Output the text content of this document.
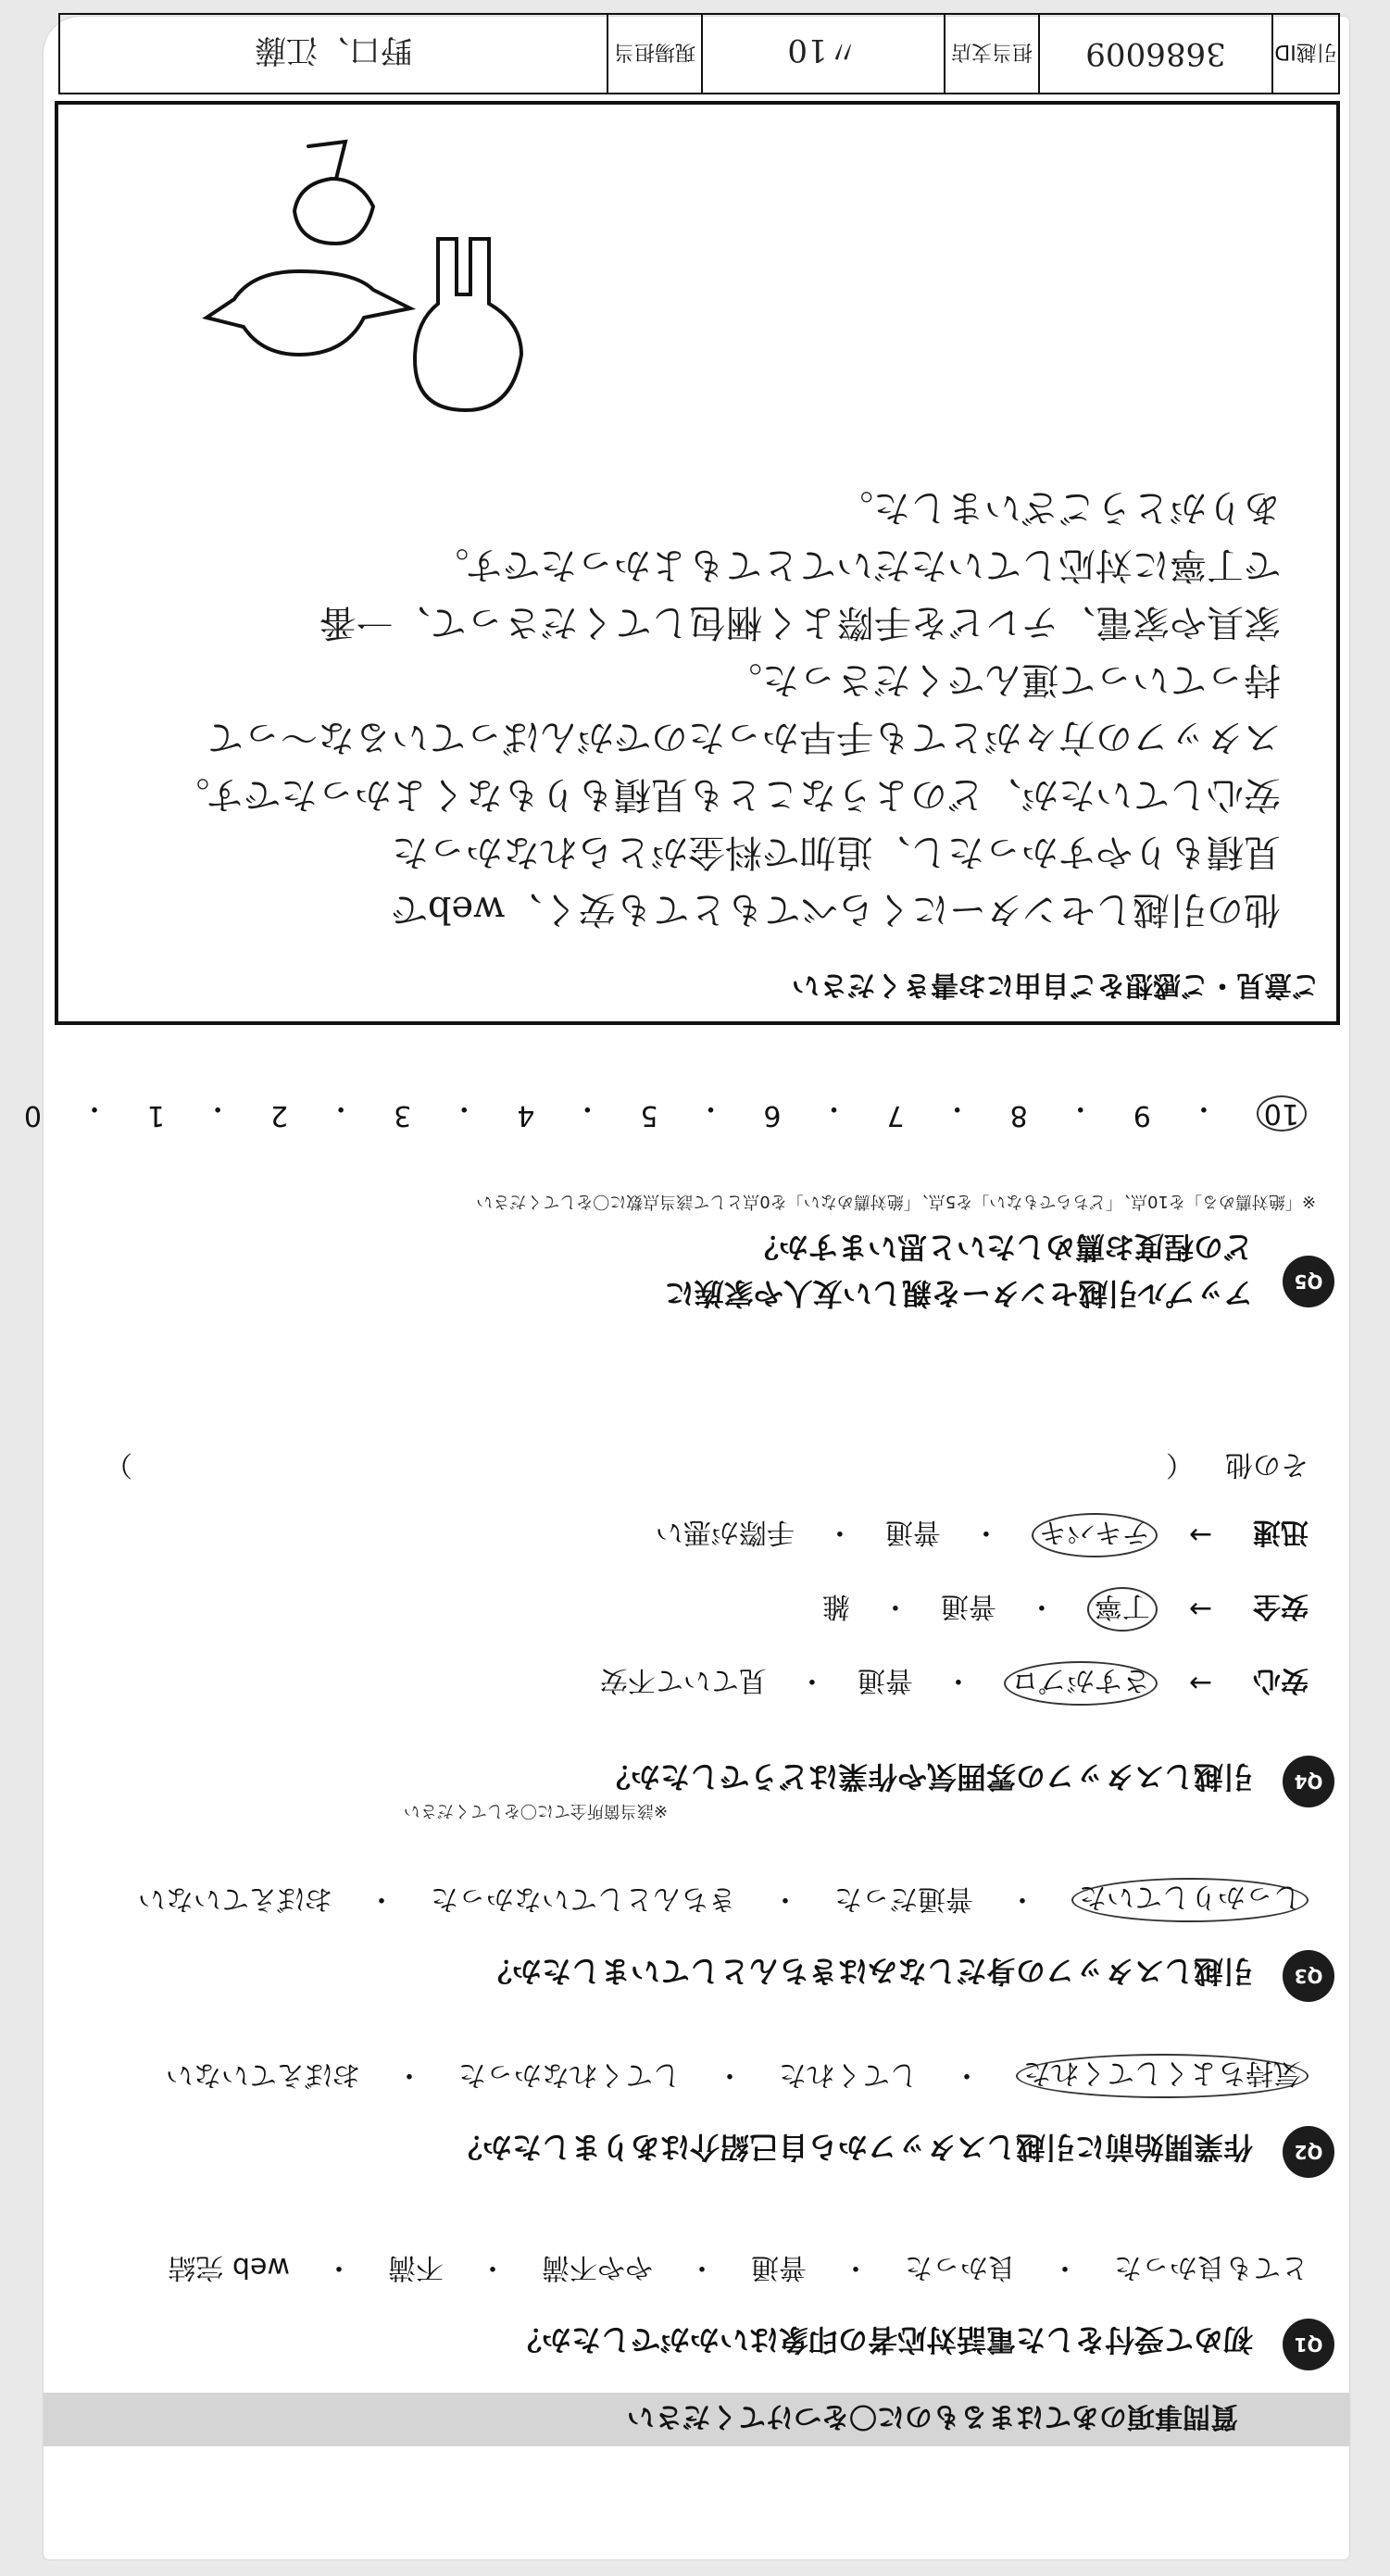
質問事項のあてはまるものに〇をつけてください
Q1
初めて受付をした電話対応者の印象はいかがでしたか？
とても良かった
・
良かった
・
普通
・
やや不満
・
不満
・
web 完結
Q2
作業開始前に引越しスタッフから自己紹介はありましたか？
気持ちよくしてくれた
・
してくれた
・
してくれなかった
・
おぼえていない
Q3
引越しスタッフの身だしなみはきちんとしていましたか？
しっかりしていた
・
普通だった
・
きちんとしていなかった
・
おぼえていない
Q4
引越しスタッフの雰囲気や作業はどうでしたか？
※該当箇所全てに〇をしてください
安心
→
さすがプロ
・
普通
・
見ていて不安
安全
→
丁寧
・
普通
・
雑
迅速
→
テキパキ
・
普通
・
手際が悪い
その他
（
）
Q5
アップル引越センターを親しい友人や家族に
どの程度お薦めしたいと思いますか？
※「絶対薦める」を10点、「どちらでもない」を5点、「絶対薦めない」を0点として該当点数に〇をしてください
10
・
9
・
8
・
7
・
6
・
5
・
4
・
3
・
2
・
1
・
0
ご意見・ご感想をご自由にお書きください
他の引越しセンターにくらべてもとても安く、webで
見積もりやすかったし、追加で料金がとられなかった
安心していたが、どのようなことも見積もりもなくよかったです。
スタッフの方々がとても手早かったのでがんばっているな〜って
持っていって運んでくださった。
家具や家電、テレビを手際よく梱包してくださって、一番
で丁寧に対応していただいてとてもよかったです。
ありがとうございました。
引越ID
3686009
担当支店
〃10
現場担当
野口、江藤
